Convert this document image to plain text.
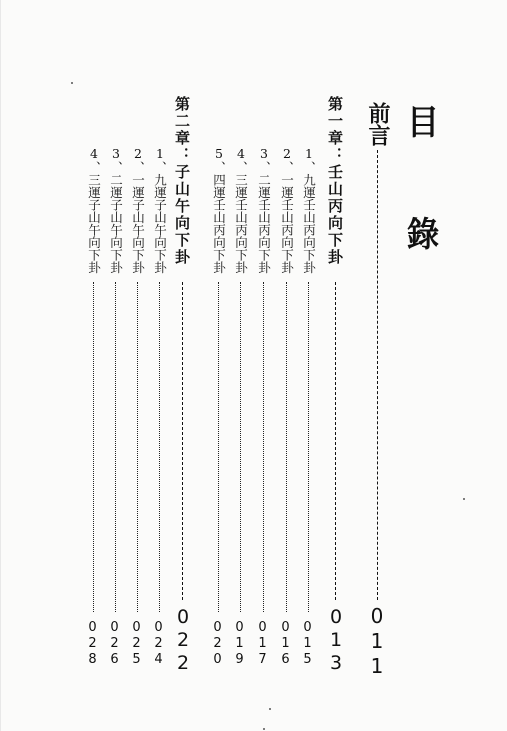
目
錄
前言
011
第一章：壬山丙向下卦
013
1、九運壬山丙向下卦
015
2、一運壬山丙向下卦
016
3、二運壬山丙向下卦
017
4、三運壬山丙向下卦
019
5、四運壬山丙向下卦
020
第二章：子山午向下卦
022
1、九運子山午向下卦
024
2、一運子山午向下卦
025
3、二運子山午向下卦
026
4、三運子山午向下卦
028
